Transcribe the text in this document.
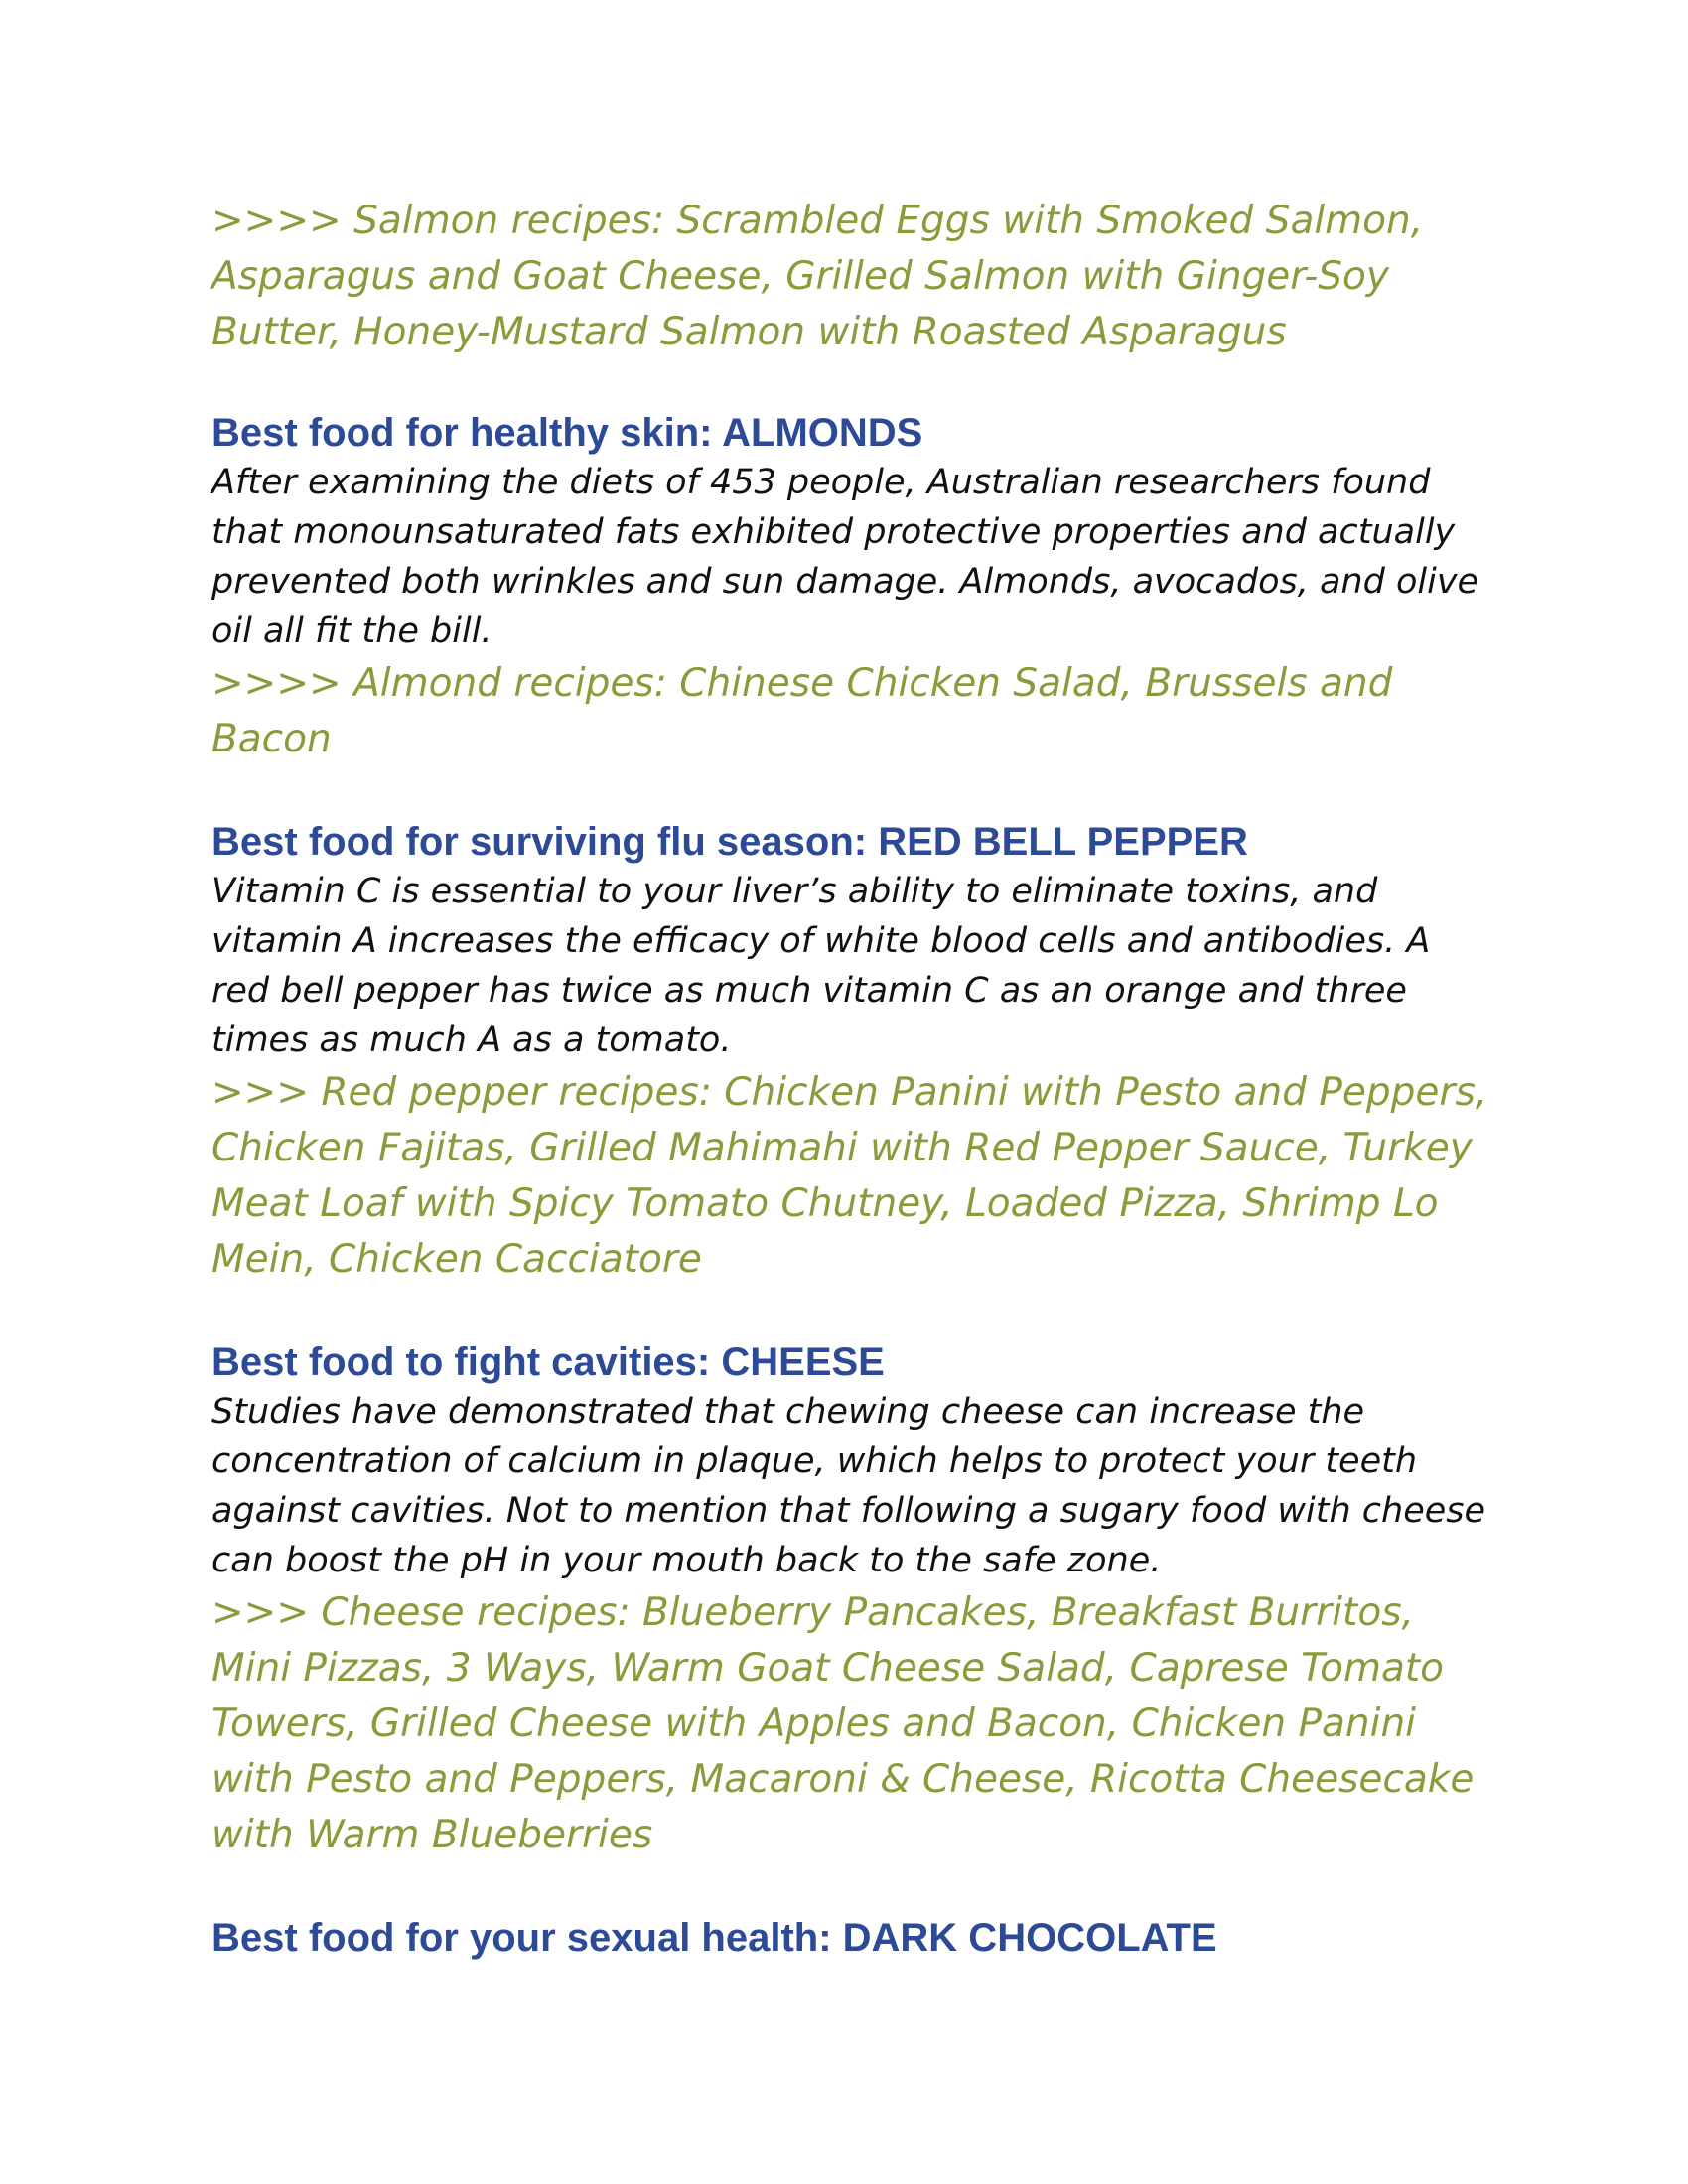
>>>> Salmon recipes: Scrambled Eggs with Smoked Salmon, Asparagus and Goat Cheese, Grilled Salmon with Ginger-Soy Butter, Honey-Mustard Salmon with Roasted Asparagus

Best food for healthy skin: ALMONDS

After examining the diets of 453 people, Australian researchers found that monounsaturated fats exhibited protective properties and actually prevented both wrinkles and sun damage. Almonds, avocados, and olive oil all fit the bill.

>>>> Almond recipes: Chinese Chicken Salad, Brussels and Bacon

Best food for surviving flu season: RED BELL PEPPER

Vitamin C is essential to your liver’s ability to eliminate toxins, and vitamin A increases the efficacy of white blood cells and antibodies. A red bell pepper has twice as much vitamin C as an orange and three times as much A as a tomato.

>>> Red pepper recipes: Chicken Panini with Pesto and Peppers, Chicken Fajitas, Grilled Mahimahi with Red Pepper Sauce, Turkey Meat Loaf with Spicy Tomato Chutney, Loaded Pizza, Shrimp Lo Mein, Chicken Cacciatore

Best food to fight cavities: CHEESE

Studies have demonstrated that chewing cheese can increase the concentration of calcium in plaque, which helps to protect your teeth against cavities. Not to mention that following a sugary food with cheese can boost the pH in your mouth back to the safe zone.

>>> Cheese recipes: Blueberry Pancakes, Breakfast Burritos, Mini Pizzas, 3 Ways, Warm Goat Cheese Salad, Caprese Tomato Towers, Grilled Cheese with Apples and Bacon, Chicken Panini with Pesto and Peppers, Macaroni & Cheese, Ricotta Cheesecake with Warm Blueberries

Best food for your sexual health: DARK CHOCOLATE
